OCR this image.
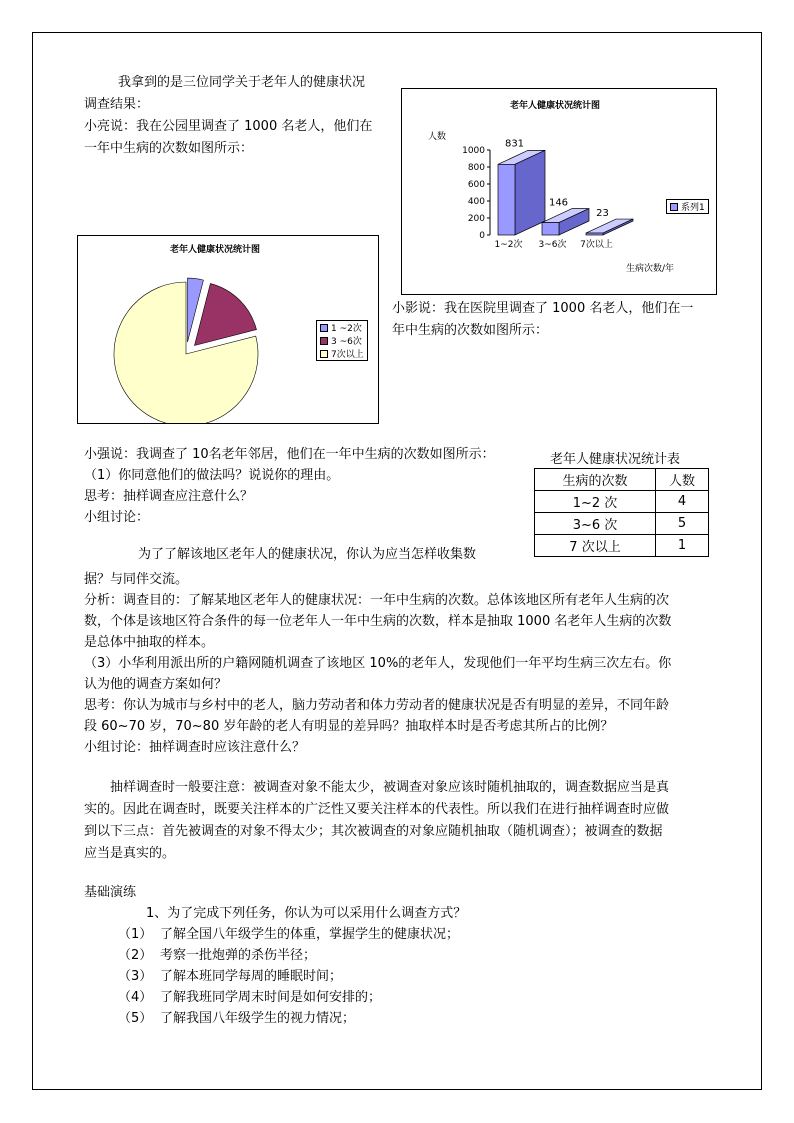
我拿到的是三位同学关于老年人的健康状况
调查结果：
小亮说：我在公园里调查了 1000 名老人，他们在
一年中生病的次数如图所示：
老年人健康状况统计图
人数
生病次数/年
1000
800
600
400
200
0
831
1~2次
146
3~6次
23
7次以上
系列1
老年人健康状况统计图
1 ~2次
3 ~6次
7次以上
小影说：我在医院里调查了 1000 名老人，他们在一
年中生病的次数如图所示：
小强说：我调查了 10名老年邻居，他们在一年中生病的次数如图所示：
（1）你同意他们的做法吗？说说你的理由。
思考：抽样调查应注意什么？
小组讨论：
老年人健康状况统计表
生病的次数	人数
1~2 次	4
3~6 次	5
7 次以上	1
为了了解该地区老年人的健康状况，你认为应当怎样收集数
据？与同伴交流。
分析：调查目的：了解某地区老年人的健康状况：一年中生病的次数。总体该地区所有老年人生病的次
数，个体是该地区符合条件的每一位老年人一年中生病的次数，样本是抽取 1000 名老年人生病的次数
是总体中抽取的样本。
（3）小华利用派出所的户籍网随机调查了该地区 10%的老年人，发现他们一年平均生病三次左右。你
认为他的调查方案如何？
思考：你认为城市与乡村中的老人，脑力劳动者和体力劳动者的健康状况是否有明显的差异，不同年龄
段 60~70 岁，70~80 岁年龄的老人有明显的差异吗？抽取样本时是否考虑其所占的比例？
小组讨论：抽样调查时应该注意什么？
抽样调查时一般要注意：被调查对象不能太少，被调查对象应该时随机抽取的，调查数据应当是真
实的。因此在调查时，既要关注样本的广泛性又要关注样本的代表性。所以我们在进行抽样调查时应做
到以下三点：首先被调查的对象不得太少；其次被调查的对象应随机抽取（随机调查）；被调查的数据
应当是真实的。
基础演练
1、为了完成下列任务，你认为可以采用什么调查方式？
（1） 了解全国八年级学生的体重，掌握学生的健康状况；
（2） 考察一批炮弹的杀伤半径；
（3） 了解本班同学每周的睡眠时间；
（4） 了解我班同学周末时间是如何安排的；
（5） 了解我国八年级学生的视力情况；
